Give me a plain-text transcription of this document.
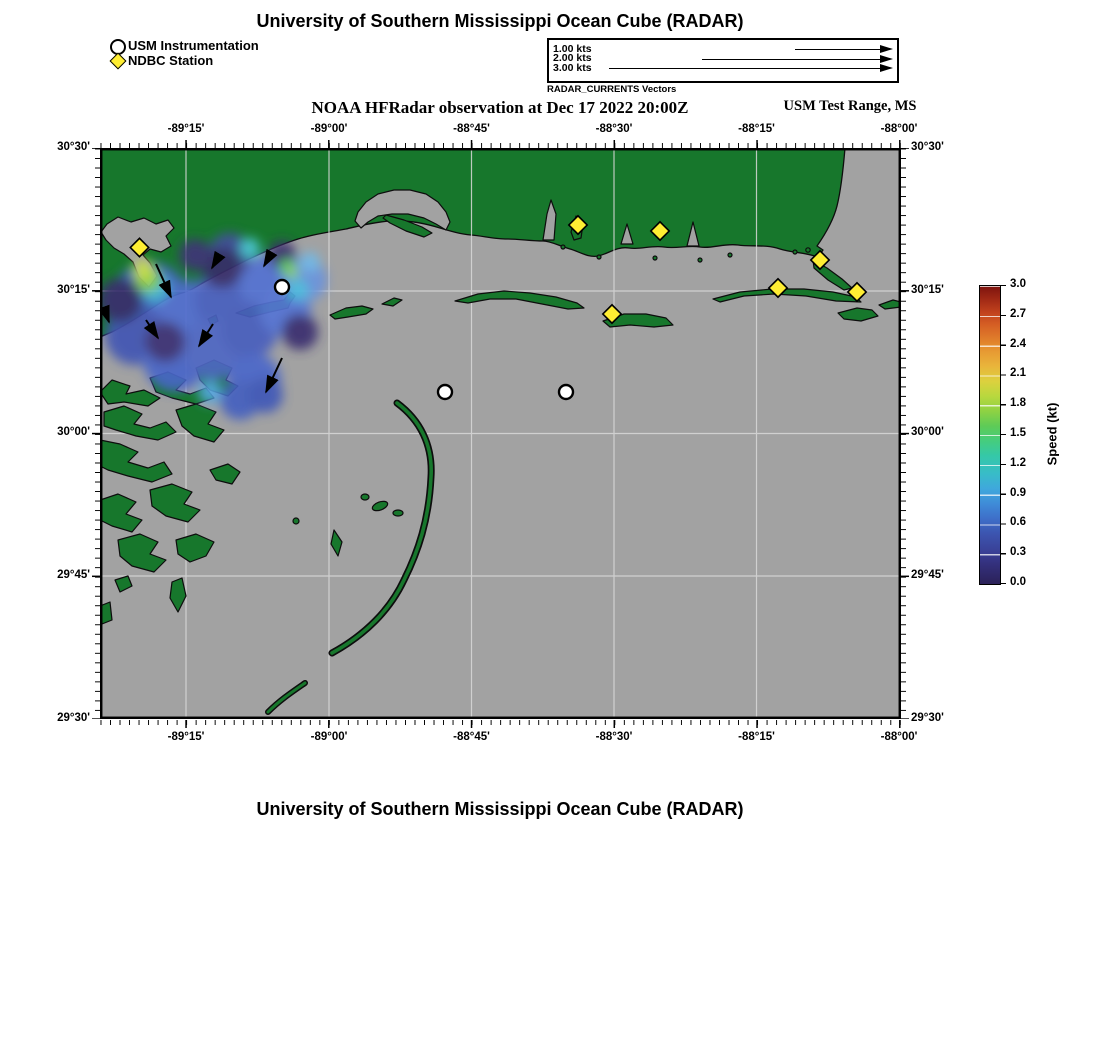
University of Southern Mississippi Ocean Cube (RADAR)
USM Instrumentation
NDBC Station
1.00 kts
2.00 kts
3.00 kts
RADAR_CURRENTS Vectors
NOAA HFRadar observation at Dec 17 2022 20:00Z	USM Test Range, MS
-89°15'	-89°00'	-88°45'	-88°30'	-88°15'	-88°00'
-89°15'	-89°00'	-88°45'	-88°30'	-88°15'	-88°00'
30°30'
30°15'
30°00'
29°45'
29°30'
30°30'
30°15'
30°00'
29°45'
29°30'
3.0
2.7
2.4
2.1
1.8
1.5
1.2
0.9
0.6
0.3
0.0
Speed (kt)
University of Southern Mississippi Ocean Cube (RADAR)
